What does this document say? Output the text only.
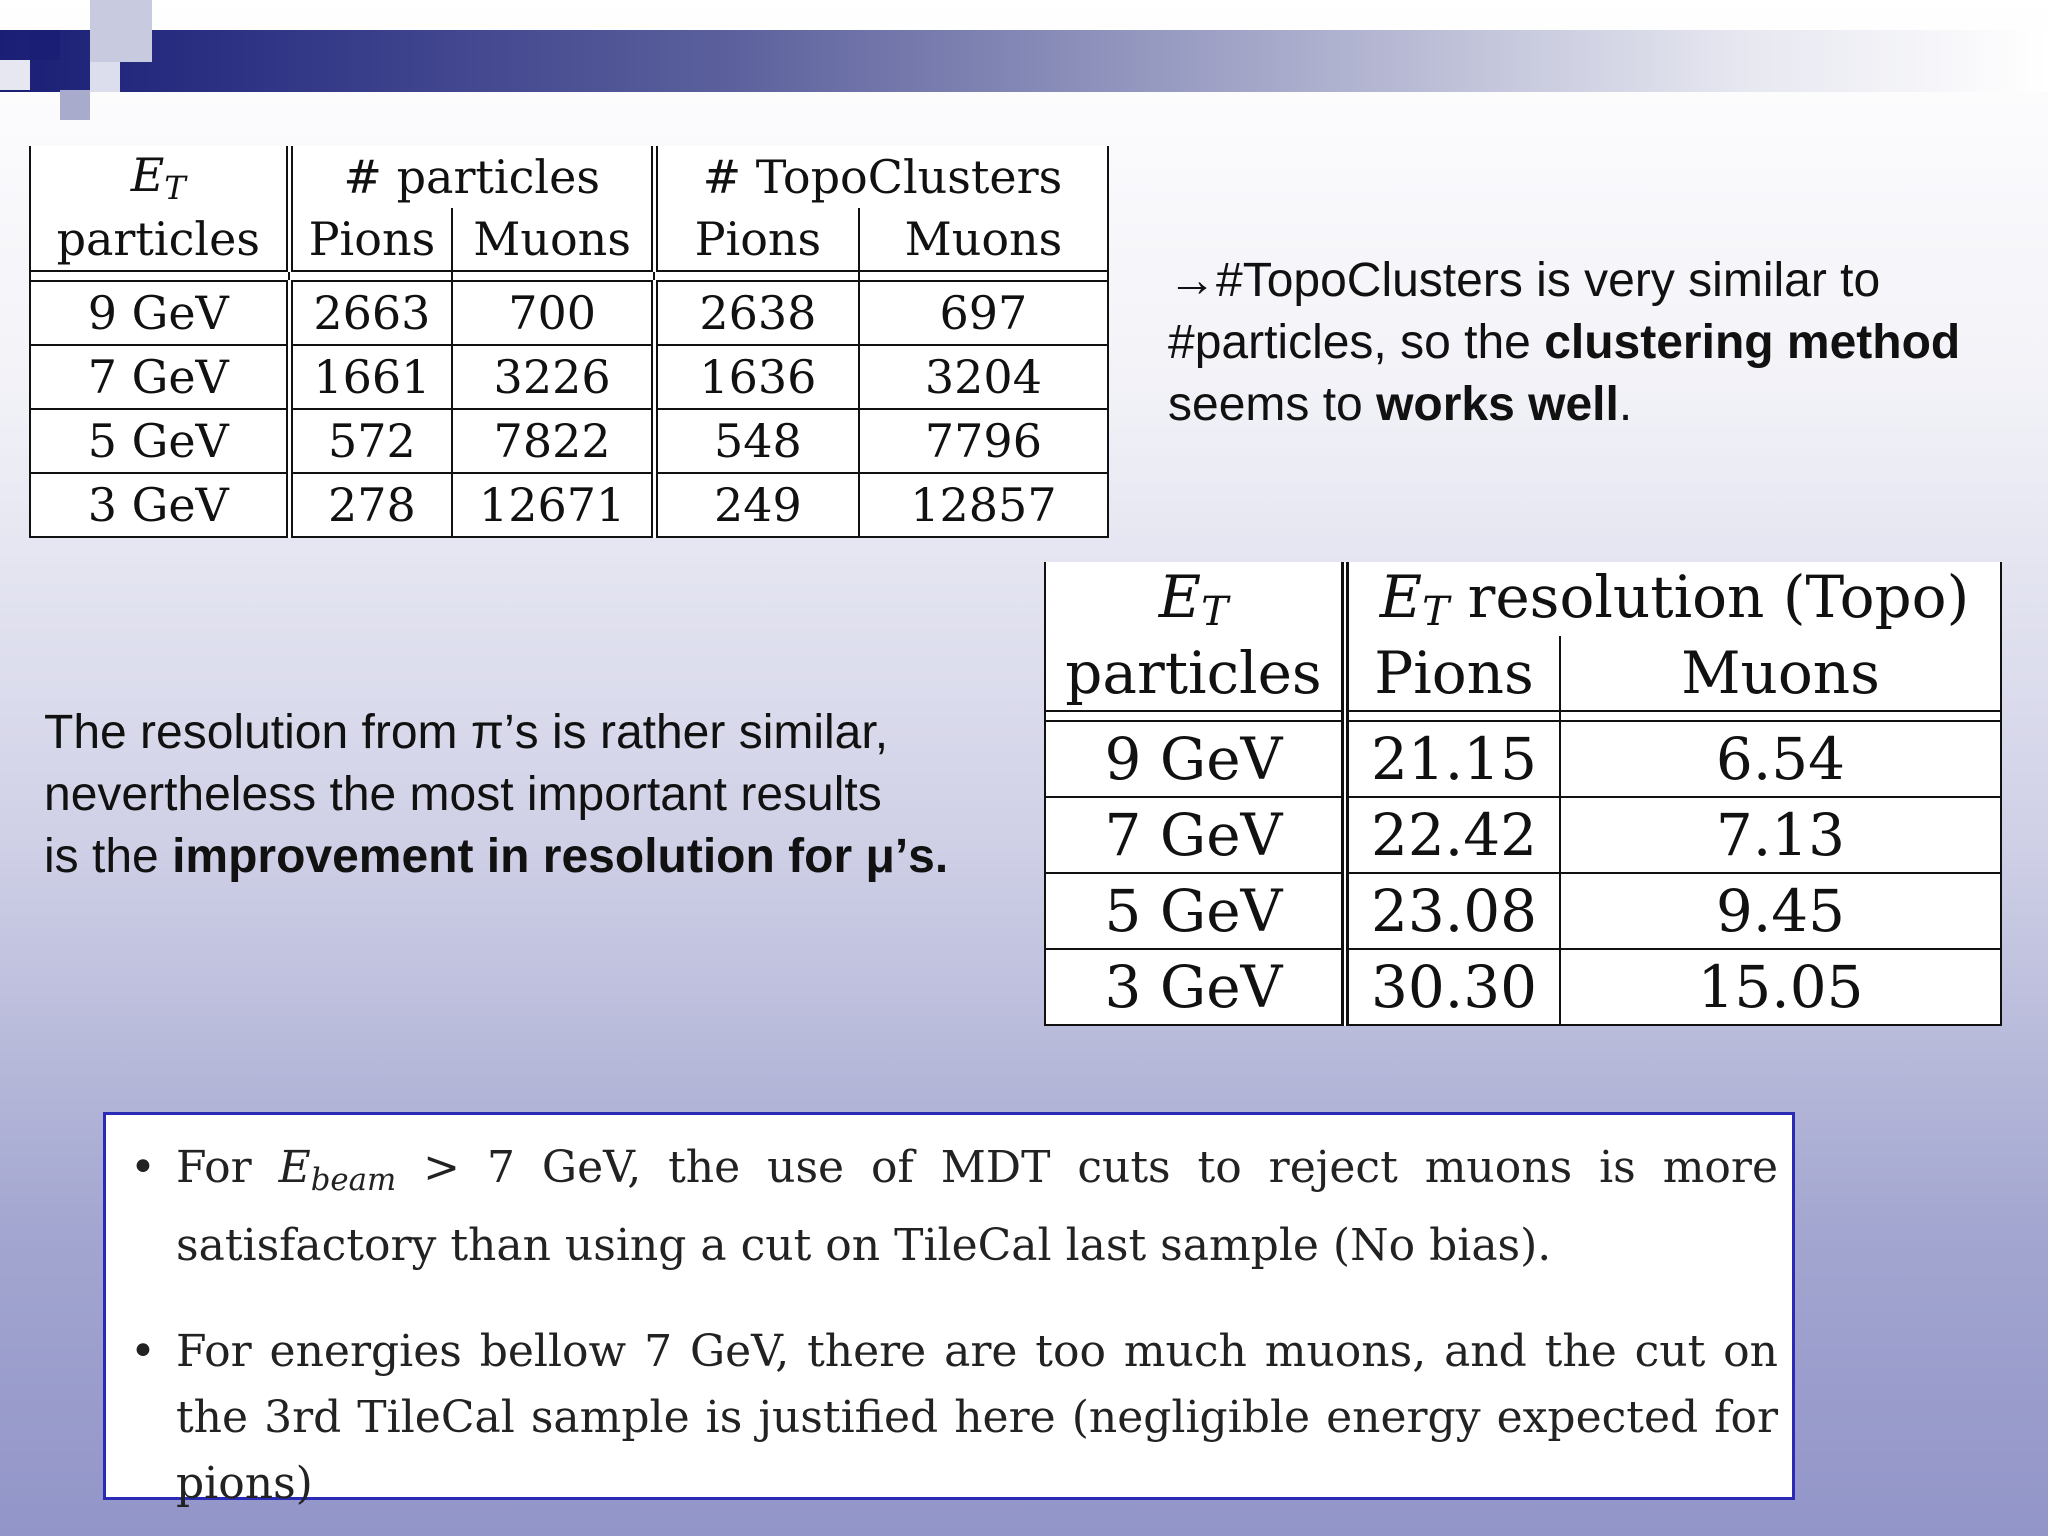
$E_T$	# particles		# TopoClusters	
particles	Pions	Muons	Pions	Muons

9 GeV	2663	700	2638	697
7 GeV	1661	3226	1636	3204
5 GeV	572	7822	548	7796
3 GeV	278	12671	249	12857
→#TopoClusters is very similar to #particles, so the clustering method seems to works well.
The resolution from π’s is rather similar,
nevertheless the most important results
is the improvement in resolution for μ’s.
ET	ET resolution (Topo)	
particles	Pions	Muons

9 GeV	21.15	6.54
7 GeV	22.42	7.13
5 GeV	23.08	9.45
3 GeV	30.30	15.05
• For $E_{beam} > 7$ GeV, the use of MDT cuts to reject muons is more satisfactory than using a cut on TileCal last sample (No bias).
• For energies bellow 7 GeV, there are too much muons, and the cut on the 3rd TileCal sample is justified here (negligible energy expected for pions)
